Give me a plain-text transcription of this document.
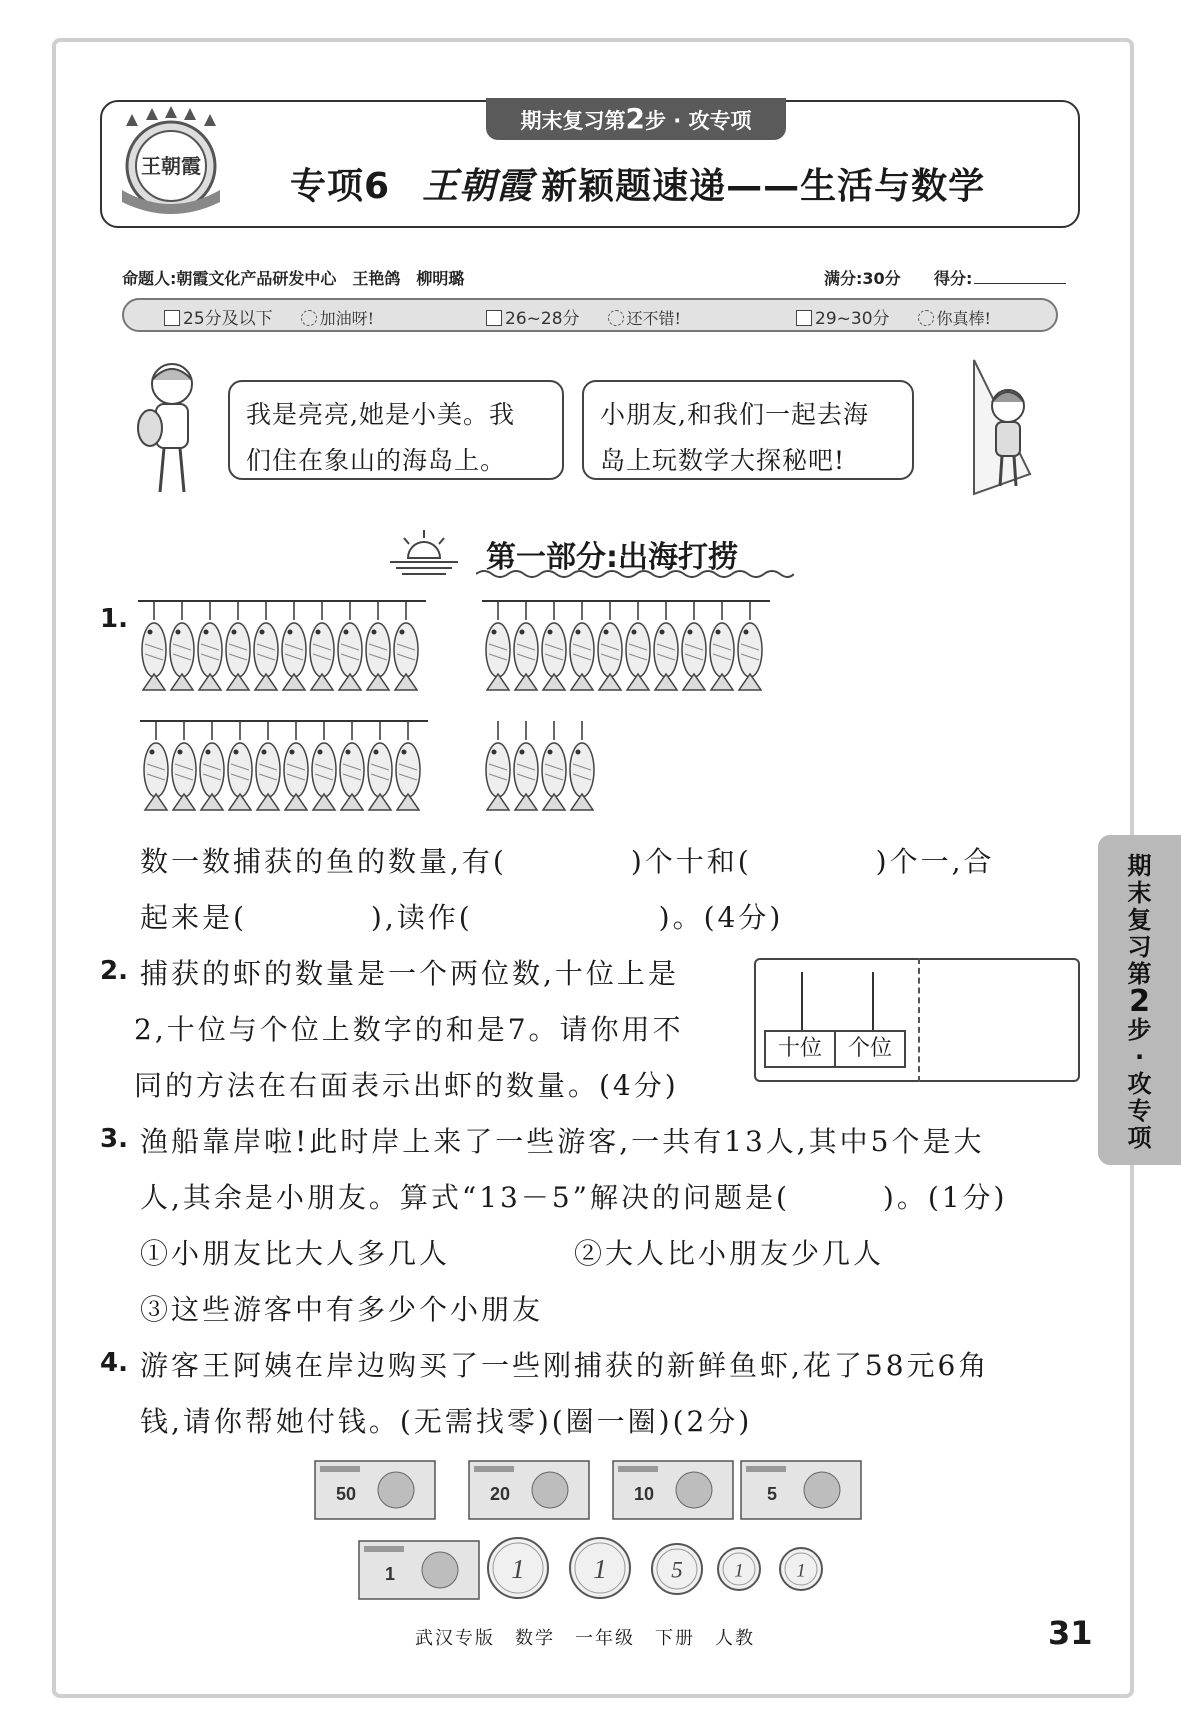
王朝霞
期末复习第2步 · 攻专项
专项6 王朝霞 新颖题速递——生活与数学
命题人:朝霞文化产品研发中心　王艳鸽　柳明璐	满分:30分 得分:
25分及以下	加油呀!	26~28分	还不错!	29~30分	你真棒!
我是亮亮,她是小美。我
们住在象山的海岛上。
小朋友,和我们一起去海
岛上玩数学大探秘吧!
第一部分:出海打捞
1.
数一数捕获的鱼的数量,有(　　　　)个十和(　　　　)个一,合
起来是(　　　　),读作(　　　　　　)。(4分)
2. 捕获的虾的数量是一个两位数,十位上是
2,十位与个位上数字的和是7。请你用不
同的方法在右面表示出虾的数量。(4分)
十位	个位
3. 渔船靠岸啦!此时岸上来了一些游客,一共有13人,其中5个是大
人,其余是小朋友。算式“13－5”解决的问题是(　　　)。(1分)
①小朋友比大人多几人	②大人比小朋友少几人
③这些游客中有多少个小朋友
4. 游客王阿姨在岸边购买了一些刚捕获的新鲜鱼虾,花了58元6角
钱,请你帮她付钱。(无需找零)(圈一圈)(2分)
50	20	10	5
1	1	1	5	1	1
期
末
复
习
第
2
步
·
攻
专
项

武汉专版　数学　一年级　下册　人教	31
